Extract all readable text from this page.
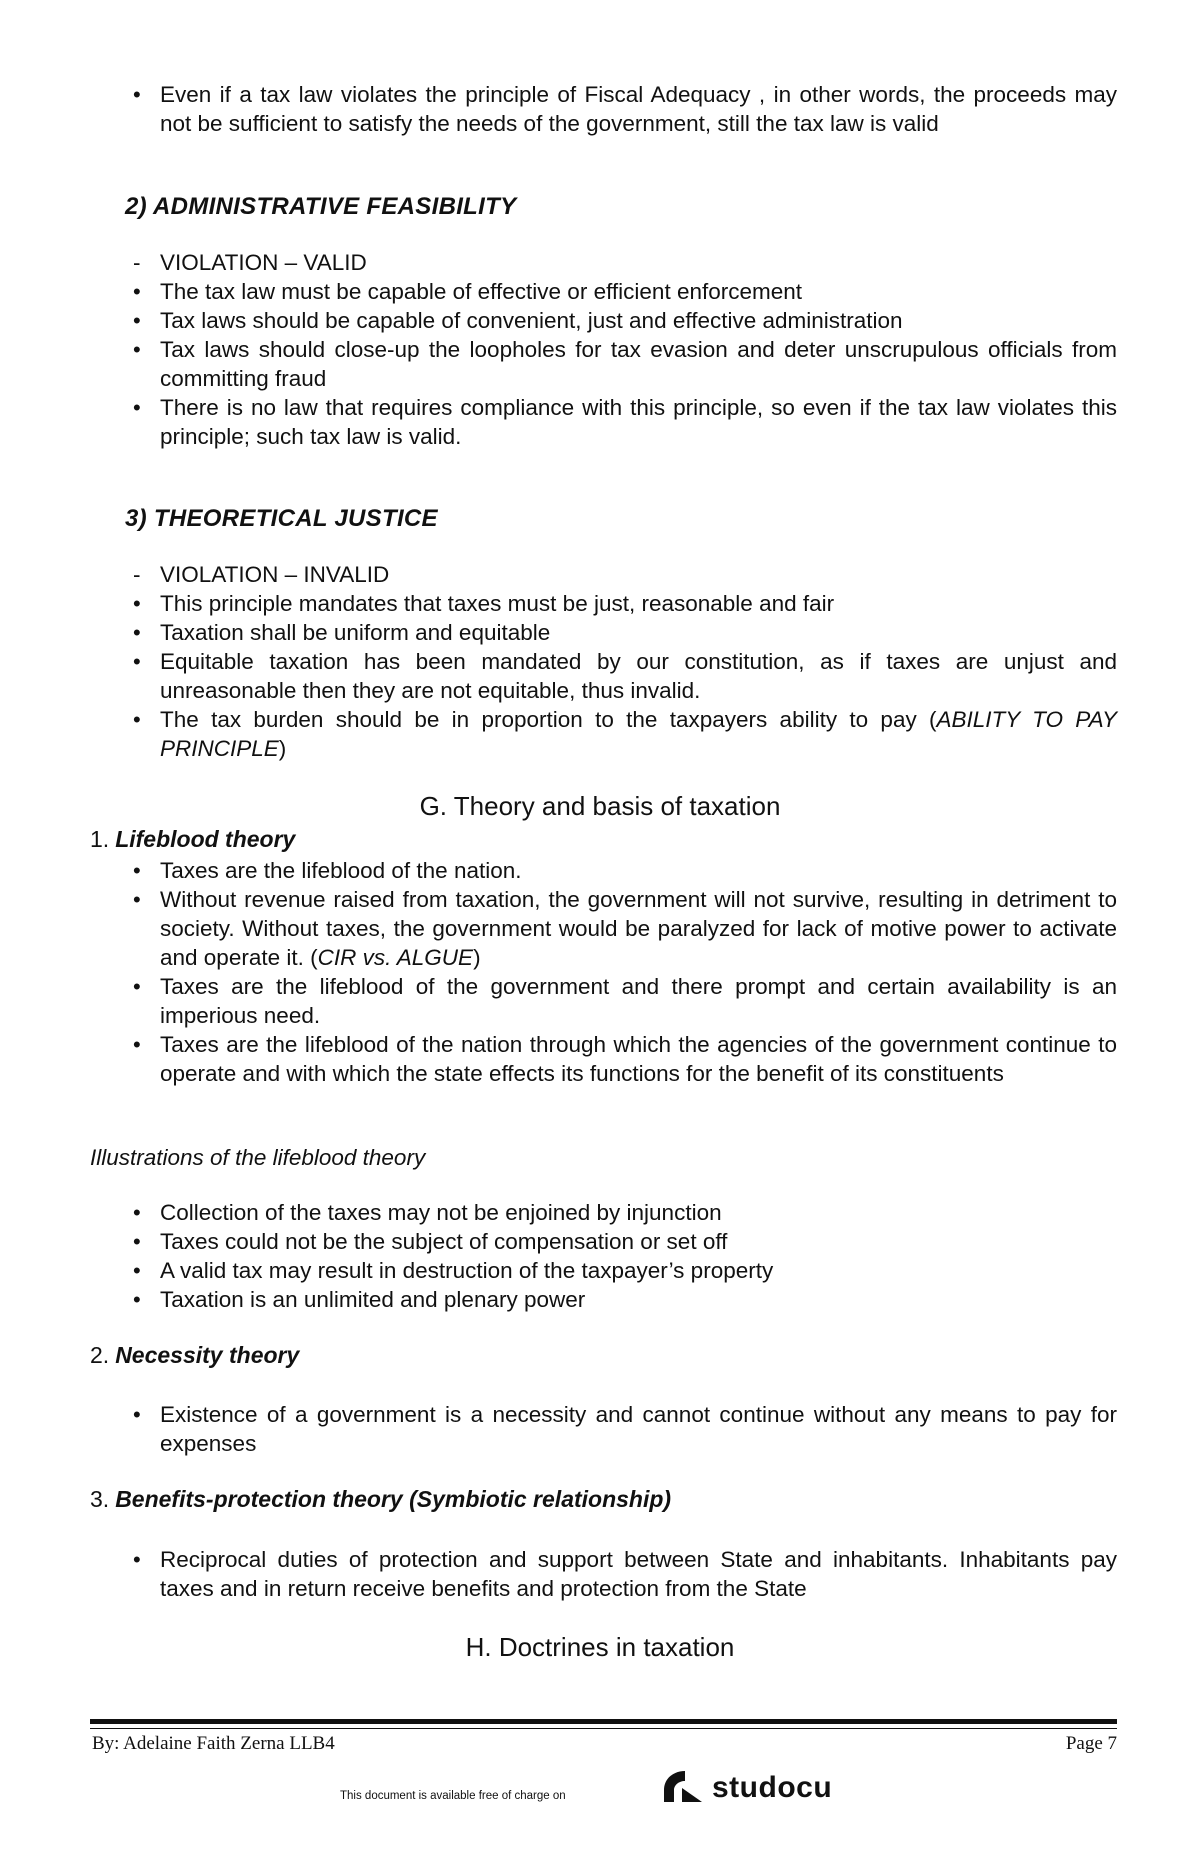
• Even if a tax law violates the principle of Fiscal Adequacy , in other words, the proceeds may not be sufficient to satisfy the needs of the government, still the tax law is valid
2) ADMINISTRATIVE FEASIBILITY
- VIOLATION – VALID
• The tax law must be capable of effective or efficient enforcement
• Tax laws should be capable of convenient, just and effective administration
• Tax laws should close-up the loopholes for tax evasion and deter unscrupulous officials from committing fraud
• There is no law that requires compliance with this principle, so even if the tax law violates this principle; such tax law is valid.
3) THEORETICAL JUSTICE
- VIOLATION – INVALID
• This principle mandates that taxes must be just, reasonable and fair
• Taxation shall be uniform and equitable
• Equitable taxation has been mandated by our constitution, as if taxes are unjust and unreasonable then they are not equitable, thus invalid.
• The tax burden should be in proportion to the taxpayers ability to pay (ABILITY TO PAY PRINCIPLE)
G. Theory and basis of taxation
1. Lifeblood theory
• Taxes are the lifeblood of the nation.
• Without revenue raised from taxation, the government will not survive, resulting in detriment to society. Without taxes, the government would be paralyzed for lack of motive power to activate and operate it. (CIR vs. ALGUE)
• Taxes are the lifeblood of the government and there prompt and certain availability is an imperious need.
• Taxes are the lifeblood of the nation through which the agencies of the government continue to operate and with which the state effects its functions for the benefit of its constituents
Illustrations of the lifeblood theory
• Collection of the taxes may not be enjoined by injunction
• Taxes could not be the subject of compensation or set off
• A valid tax may result in destruction of the taxpayer’s property
• Taxation is an unlimited and plenary power
2. Necessity theory
• Existence of a government is a necessity and cannot continue without any means to pay for expenses
3. Benefits-protection theory (Symbiotic relationship)
• Reciprocal duties of protection and support between State and inhabitants. Inhabitants pay taxes and in return receive benefits and protection from the State
H. Doctrines in taxation
By: Adelaine Faith Zerna LLB4	Page 7
This document is available free of charge on	studocu
